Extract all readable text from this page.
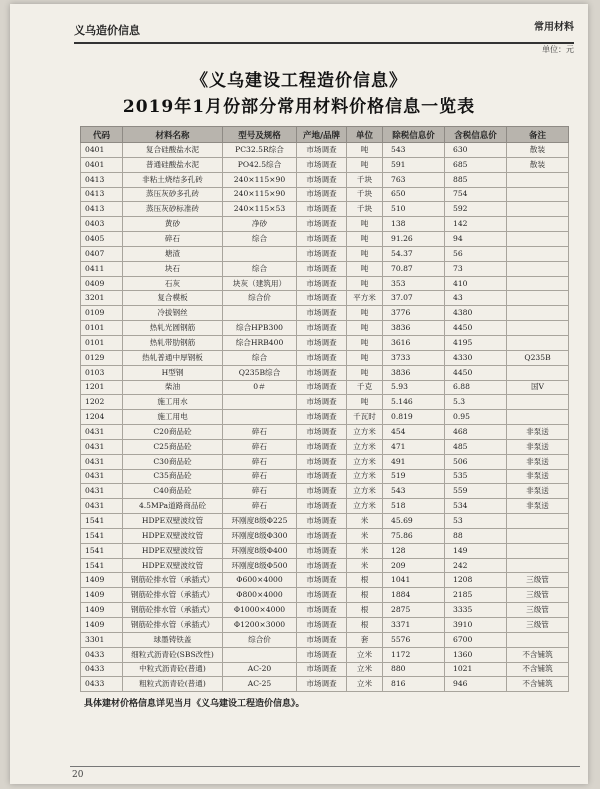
义乌造价信息	常用材料
单位：元
《义乌建设工程造价信息》
2019年1月份部分常用材料价格信息一览表
代码	材料名称	型号及规格	产地/品牌	单位	除税信息价	含税信息价	备注
0401	复合硅酸盐水泥	PC32.5R综合	市场调查	吨	543	630	散装
0401	普通硅酸盐水泥	PO42.5综合	市场调查	吨	591	685	散装
0413	非粘土烧结多孔砖	240×115×90	市场调查	千块	763	885	
0413	蒸压灰砂多孔砖	240×115×90	市场调查	千块	650	754	
0413	蒸压灰砂标准砖	240×115×53	市场调查	千块	510	592	
0403	黄砂	净砂	市场调查	吨	138	142	
0405	碎石	综合	市场调查	吨	91.26	94	
0407	塘渣		市场调查	吨	54.37	56	
0411	块石	综合	市场调查	吨	70.87	73	
0409	石灰	块灰（建筑用）	市场调查	吨	353	410	
3201	复合模板	综合价	市场调查	平方米	37.07	43	
0109	冷拔钢丝		市场调查	吨	3776	4380	
0101	热轧光圆钢筋	综合HPB300	市场调查	吨	3836	4450	
0101	热轧带肋钢筋	综合HRB400	市场调查	吨	3616	4195	
0129	热轧普通中厚钢板	综合	市场调查	吨	3733	4330	Q235B
0103	H型钢	Q235B综合	市场调查	吨	3836	4450	
1201	柴油	0＃	市场调查	千克	5.93	6.88	国Ⅴ
1202	施工用水		市场调查	吨	5.146	5.3	
1204	施工用电		市场调查	千瓦时	0.819	0.95	
0431	C20商品砼	碎石	市场调查	立方米	454	468	非泵送
0431	C25商品砼	碎石	市场调查	立方米	471	485	非泵送
0431	C30商品砼	碎石	市场调查	立方米	491	506	非泵送
0431	C35商品砼	碎石	市场调查	立方米	519	535	非泵送
0431	C40商品砼	碎石	市场调查	立方米	543	559	非泵送
0431	4.5MPa道路商品砼	碎石	市场调查	立方米	518	534	非泵送
1541	HDPE双壁波纹管	环刚度8级Φ225	市场调查	米	45.69	53	
1541	HDPE双壁波纹管	环刚度8级Φ300	市场调查	米	75.86	88	
1541	HDPE双壁波纹管	环刚度8级Φ400	市场调查	米	128	149	
1541	HDPE双壁波纹管	环刚度8级Φ500	市场调查	米	209	242	
1409	钢筋砼排水管（承插式）	Φ600×4000	市场调查	根	1041	1208	三级管
1409	钢筋砼排水管（承插式）	Φ800×4000	市场调查	根	1884	2185	三级管
1409	钢筋砼排水管（承插式）	Φ1000×4000	市场调查	根	2875	3335	三级管
1409	钢筋砼排水管（承插式）	Φ1200×3000	市场调查	根	3371	3910	三级管
3301	球墨铸铁盖	综合价	市场调查	套	5576	6700	
0433	细粒式沥青砼(SBS改性)		市场调查	立米	1172	1360	不含铺筑
0433	中粒式沥青砼(普通)	AC-20	市场调查	立米	880	1021	不含铺筑
0433	粗粒式沥青砼(普通)	AC-25	市场调查	立米	816	946	不含铺筑
具体建材价格信息详见当月《义乌建设工程造价信息》。
20
